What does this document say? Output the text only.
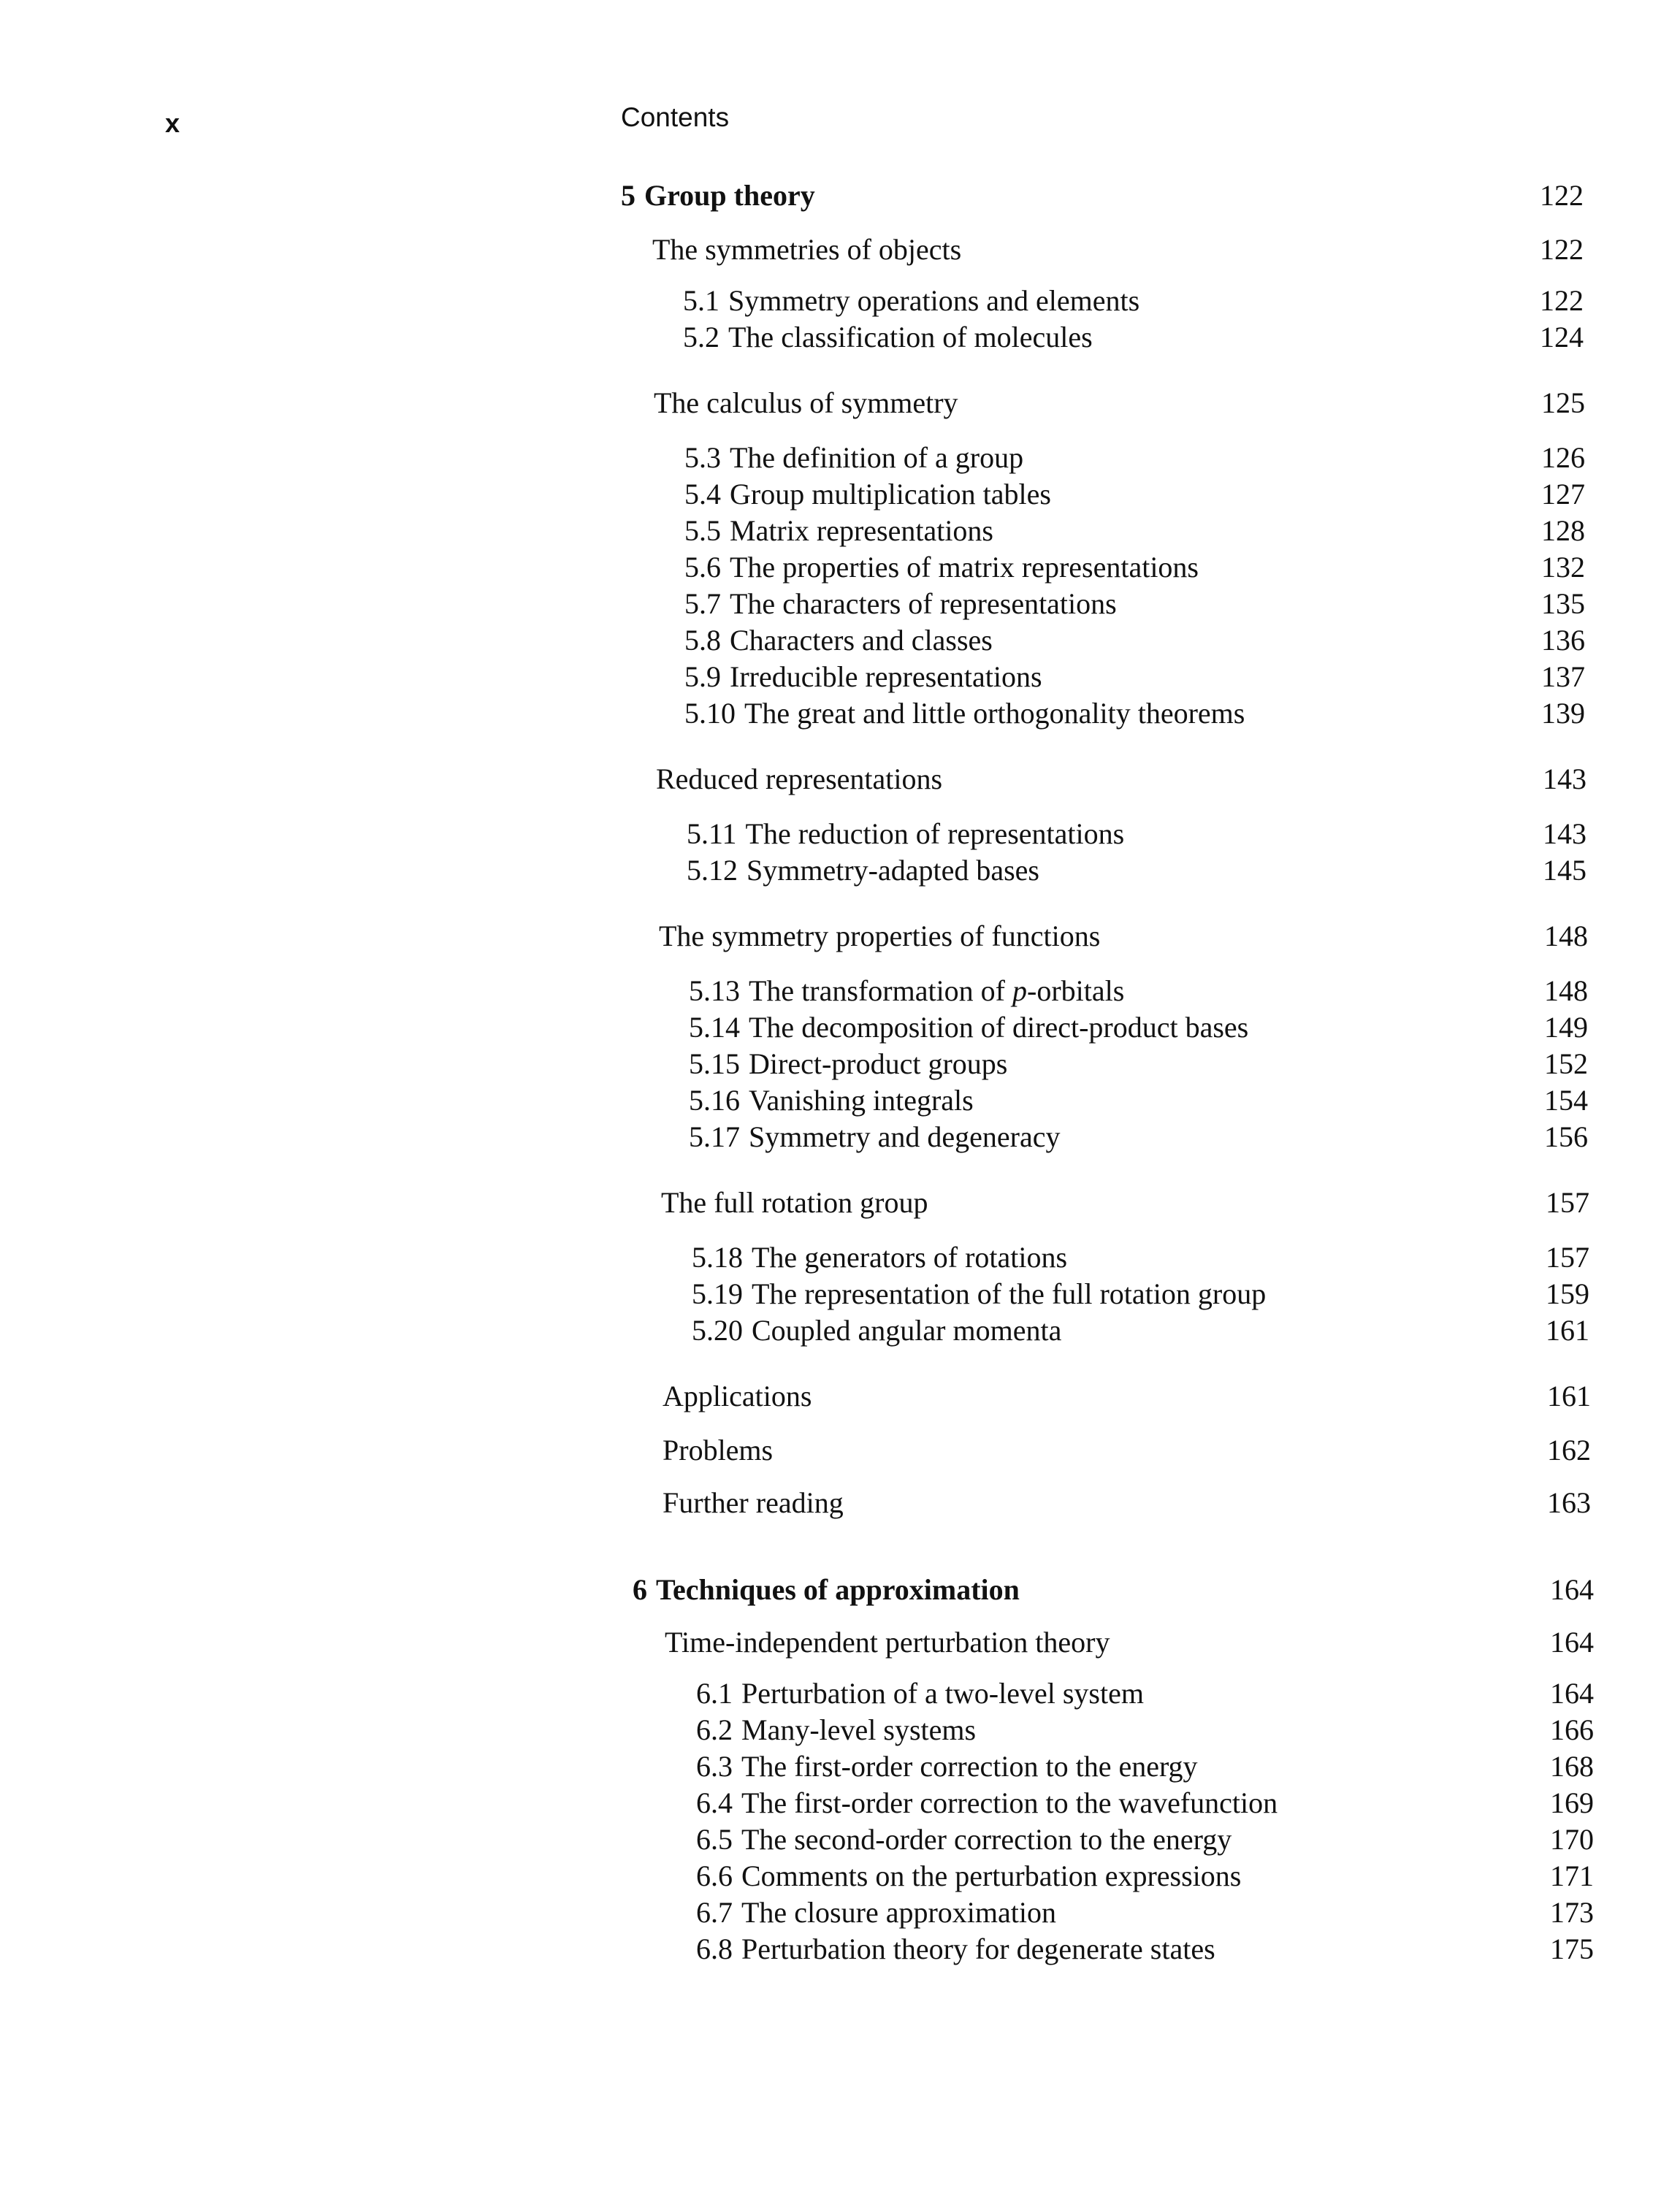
x	Contents
5 Group theory	122
The symmetries of objects	122
5.1 Symmetry operations and elements	122
5.2 The classification of molecules	124
The calculus of symmetry	125
5.3 The definition of a group	126
5.4 Group multiplication tables	127
5.5 Matrix representations	128
5.6 The properties of matrix representations	132
5.7 The characters of representations	135
5.8 Characters and classes	136
5.9 Irreducible representations	137
5.10 The great and little orthogonality theorems	139
Reduced representations	143
5.11 The reduction of representations	143
5.12 Symmetry-adapted bases	145
The symmetry properties of functions	148
5.13 The transformation of p-orbitals	148
5.14 The decomposition of direct-product bases	149
5.15 Direct-product groups	152
5.16 Vanishing integrals	154
5.17 Symmetry and degeneracy	156
The full rotation group	157
5.18 The generators of rotations	157
5.19 The representation of the full rotation group	159
5.20 Coupled angular momenta	161
Applications	161
Problems	162
Further reading	163
6 Techniques of approximation	164
Time-independent perturbation theory	164
6.1 Perturbation of a two-level system	164
6.2 Many-level systems	166
6.3 The first-order correction to the energy	168
6.4 The first-order correction to the wavefunction	169
6.5 The second-order correction to the energy	170
6.6 Comments on the perturbation expressions	171
6.7 The closure approximation	173
6.8 Perturbation theory for degenerate states	175
